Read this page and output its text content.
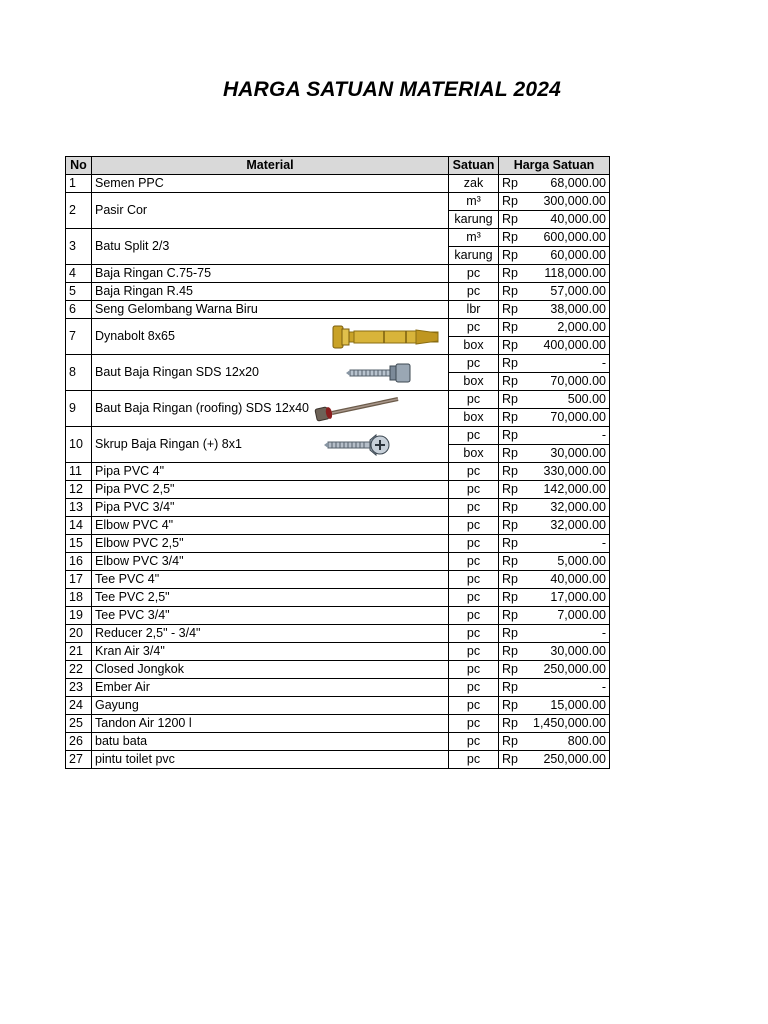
HARGA SATUAN MATERIAL 2024
No	Material	Satuan	Harga Satuan	
1	Semen PPC	zak	Rp	68,000.00
2	Pasir Cor	m³	Rp	300,000.00
		karung	Rp	40,000.00
3	Batu Split 2/3	m³	Rp	600,000.00
		karung	Rp	60,000.00
4	Baja Ringan C.75-75	pc	Rp	118,000.00
5	Baja Ringan R.45	pc	Rp	57,000.00
6	Seng Gelombang Warna Biru	lbr	Rp	38,000.00
7	Dynabolt 8x65	pc	Rp	2,000.00
		box	Rp	400,000.00
8	Baut Baja Ringan SDS 12x20	pc	Rp	-
		box	Rp	70,000.00
9	Baut Baja Ringan (roofing) SDS 12x40	pc	Rp	500.00
		box	Rp	70,000.00
10	Skrup Baja Ringan (+) 8x1	pc	Rp	-
		box	Rp	30,000.00
11	Pipa PVC 4"	pc	Rp	330,000.00
12	Pipa PVC 2,5"	pc	Rp	142,000.00
13	Pipa PVC 3/4"	pc	Rp	32,000.00
14	Elbow PVC 4"	pc	Rp	32,000.00
15	Elbow PVC 2,5"	pc	Rp	-
16	Elbow PVC 3/4"	pc	Rp	5,000.00
17	Tee PVC 4"	pc	Rp	40,000.00
18	Tee PVC 2,5"	pc	Rp	17,000.00
19	Tee PVC 3/4"	pc	Rp	7,000.00
20	Reducer 2,5" - 3/4"	pc	Rp	-
21	Kran Air 3/4"	pc	Rp	30,000.00
22	Closed Jongkok	pc	Rp	250,000.00
23	Ember Air	pc	Rp	-
24	Gayung	pc	Rp	15,000.00
25	Tandon Air 1200 l	pc	Rp	1,450,000.00
26	batu bata	pc	Rp	800.00
27	pintu toilet pvc	pc	Rp	250,000.00
